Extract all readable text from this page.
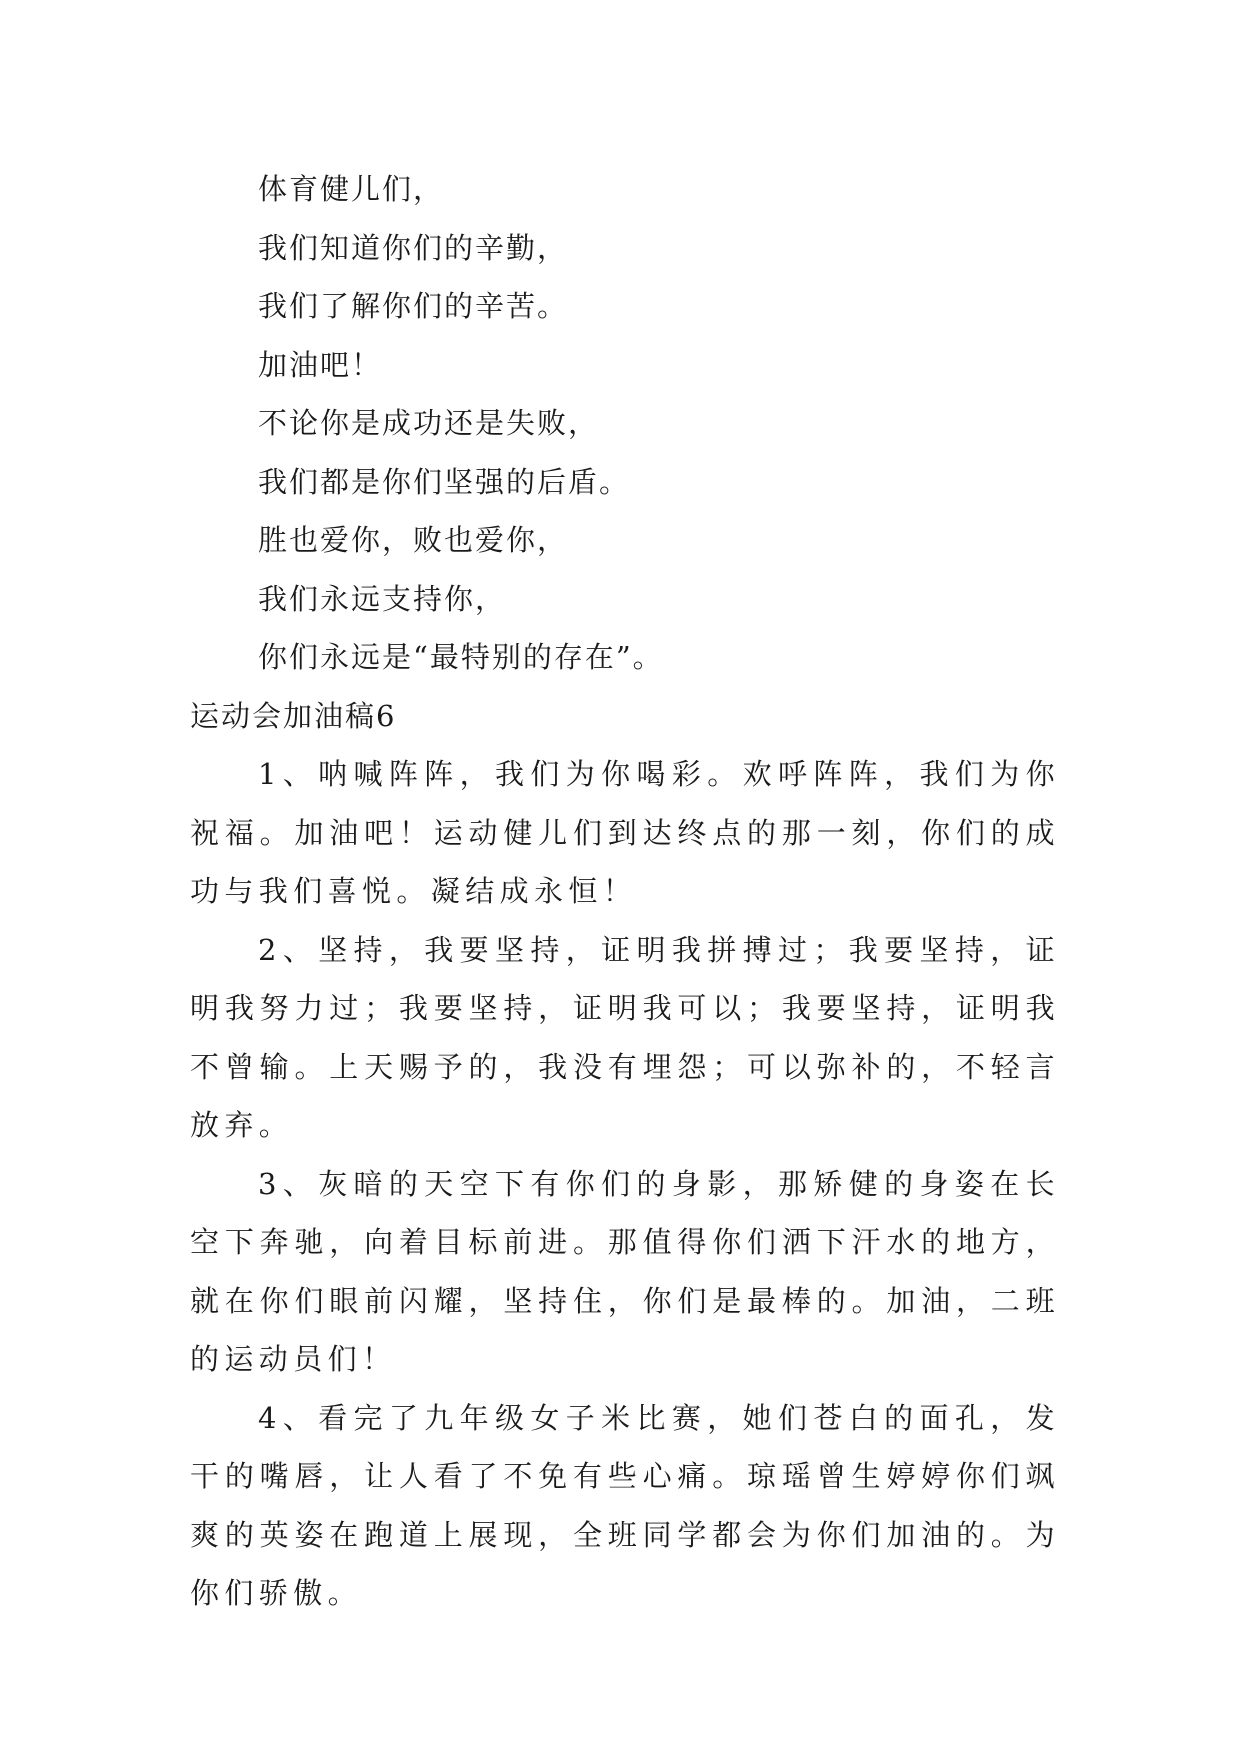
体育健儿们，
我们知道你们的辛勤，
我们了解你们的辛苦。
加油吧！
不论你是成功还是失败，
我们都是你们坚强的后盾。
胜也爱你，败也爱你，
我们永远支持你，
你们永远是“最特别的存在”。
运动会加油稿6

1、呐喊阵阵，我们为你喝彩。欢呼阵阵，我们为你祝福。加油吧！运动健儿们到达终点的那一刻，你们的成功与我们喜悦。凝结成永恒！

2、坚持，我要坚持，证明我拼搏过；我要坚持，证明我努力过；我要坚持，证明我可以；我要坚持，证明我不曾输。上天赐予的，我没有埋怨；可以弥补的，不轻言放弃。

3、灰暗的天空下有你们的身影，那矫健的身姿在长空下奔驰，向着目标前进。那值得你们洒下汗水的地方，就在你们眼前闪耀，坚持住，你们是最棒的。加油，二班的运动员们！

4、看完了九年级女子米比赛，她们苍白的面孔，发干的嘴唇，让人看了不免有些心痛。琼瑶曾生婷婷你们飒爽的英姿在跑道上展现，全班同学都会为你们加油的。为你们骄傲。
